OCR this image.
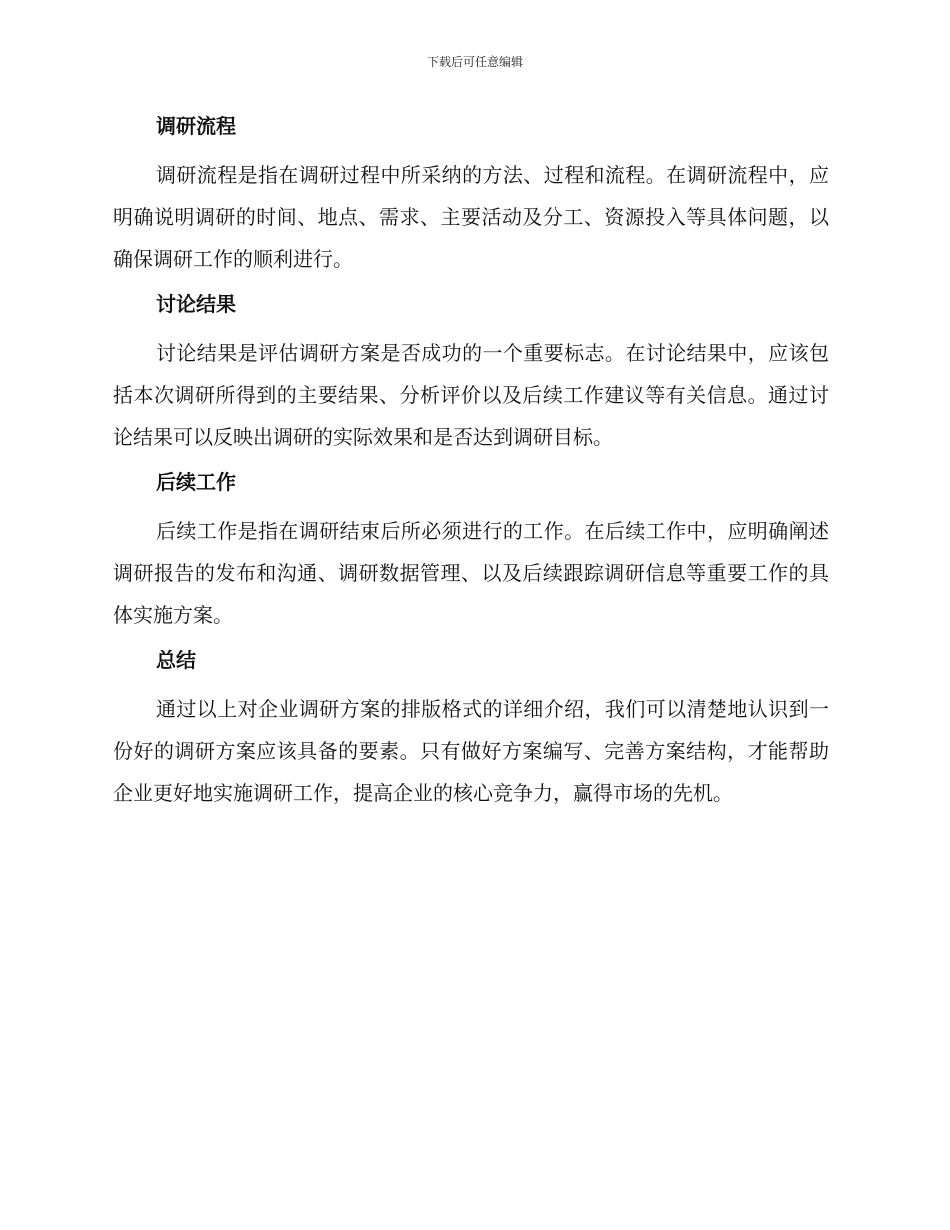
下载后可任意编辑
调研流程

调研流程是指在调研过程中所采纳的方法、过程和流程。在调研流程中，应明确说明调研的时间、地点、需求、主要活动及分工、资源投入等具体问题，以确保调研工作的顺利进行。

讨论结果

讨论结果是评估调研方案是否成功的一个重要标志。在讨论结果中，应该包括本次调研所得到的主要结果、分析评价以及后续工作建议等有关信息。通过讨论结果可以反映出调研的实际效果和是否达到调研目标。

后续工作

后续工作是指在调研结束后所必须进行的工作。在后续工作中，应明确阐述调研报告的发布和沟通、调研数据管理、以及后续跟踪调研信息等重要工作的具体实施方案。

总结

通过以上对企业调研方案的排版格式的详细介绍，我们可以清楚地认识到一份好的调研方案应该具备的要素。只有做好方案编写、完善方案结构，才能帮助企业更好地实施调研工作，提高企业的核心竞争力，赢得市场的先机。
